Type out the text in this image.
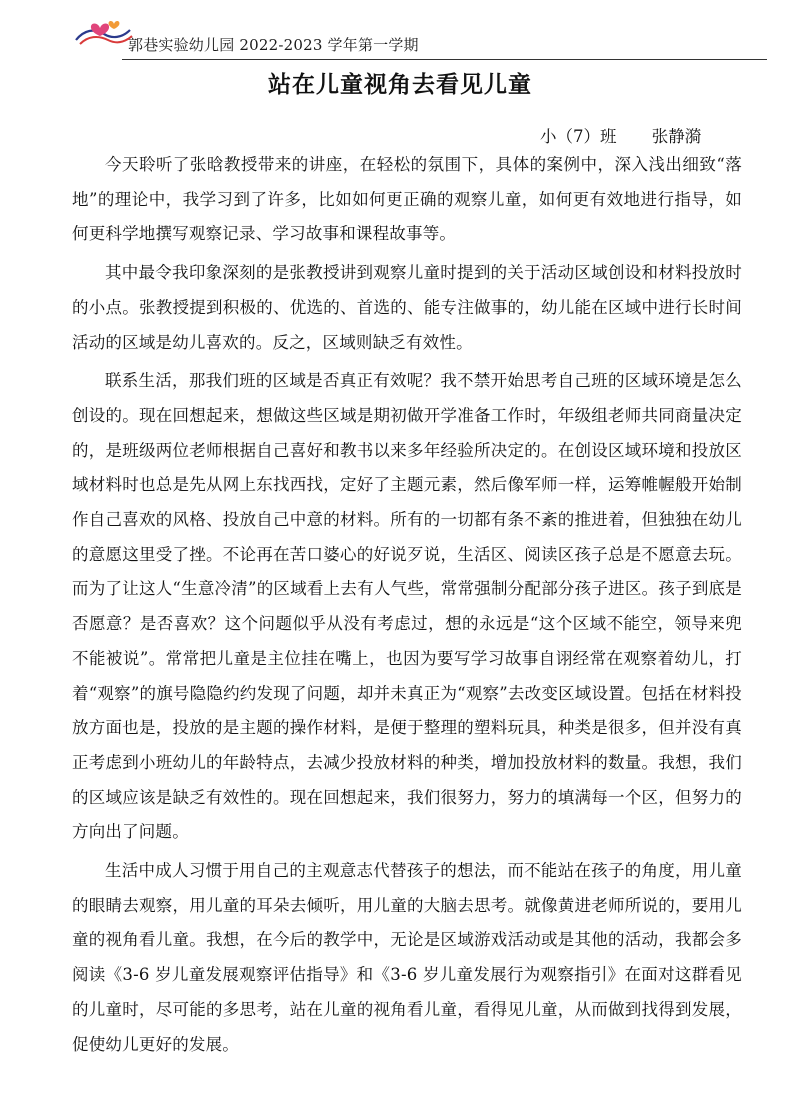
郭巷实验幼儿园 2022-2023 学年第一学期
站在儿童视角去看见儿童
小（7）班 张静漪

今天聆听了张晗教授带来的讲座，在轻松的氛围下，具体的案例中，深入浅出细致“落地”的理论中，我学习到了许多，比如如何更正确的观察儿童，如何更有效地进行指导，如何更科学地撰写观察记录、学习故事和课程故事等。

其中最令我印象深刻的是张教授讲到观察儿童时提到的关于活动区域创设和材料投放时的小点。张教授提到积极的、优选的、首选的、能专注做事的，幼儿能在区域中进行长时间活动的区域是幼儿喜欢的。反之，区域则缺乏有效性。

联系生活，那我们班的区域是否真正有效呢？我不禁开始思考自己班的区域环境是怎么创设的。现在回想起来，想做这些区域是期初做开学准备工作时，年级组老师共同商量决定的，是班级两位老师根据自己喜好和教书以来多年经验所决定的。在创设区域环境和投放区域材料时也总是先从网上东找西找，定好了主题元素，然后像军师一样，运筹帷幄般开始制作自己喜欢的风格、投放自己中意的材料。所有的一切都有条不紊的推进着，但独独在幼儿的意愿这里受了挫。不论再在苦口婆心的好说歹说，生活区、阅读区孩子总是不愿意去玩。而为了让这人“生意冷清”的区域看上去有人气些，常常强制分配部分孩子进区。孩子到底是否愿意？是否喜欢？这个问题似乎从没有考虑过，想的永远是“这个区域不能空，领导来兜不能被说”。常常把儿童是主位挂在嘴上，也因为要写学习故事自诩经常在观察着幼儿，打着“观察”的旗号隐隐约约发现了问题，却并未真正为“观察”去改变区域设置。包括在材料投放方面也是，投放的是主题的操作材料，是便于整理的塑料玩具，种类是很多，但并没有真正考虑到小班幼儿的年龄特点，去减少投放材料的种类，增加投放材料的数量。我想，我们的区域应该是缺乏有效性的。现在回想起来，我们很努力，努力的填满每一个区，但努力的方向出了问题。

生活中成人习惯于用自己的主观意志代替孩子的想法，而不能站在孩子的角度，用儿童的眼睛去观察，用儿童的耳朵去倾听，用儿童的大脑去思考。就像黄进老师所说的，要用儿童的视角看儿童。我想，在今后的教学中，无论是区域游戏活动或是其他的活动，我都会多阅读《3-6 岁儿童发展观察评估指导》和《3-6 岁儿童发展行为观察指引》在面对这群看见的儿童时，尽可能的多思考，站在儿童的视角看儿童，看得见儿童，从而做到找得到发展，促使幼儿更好的发展。
